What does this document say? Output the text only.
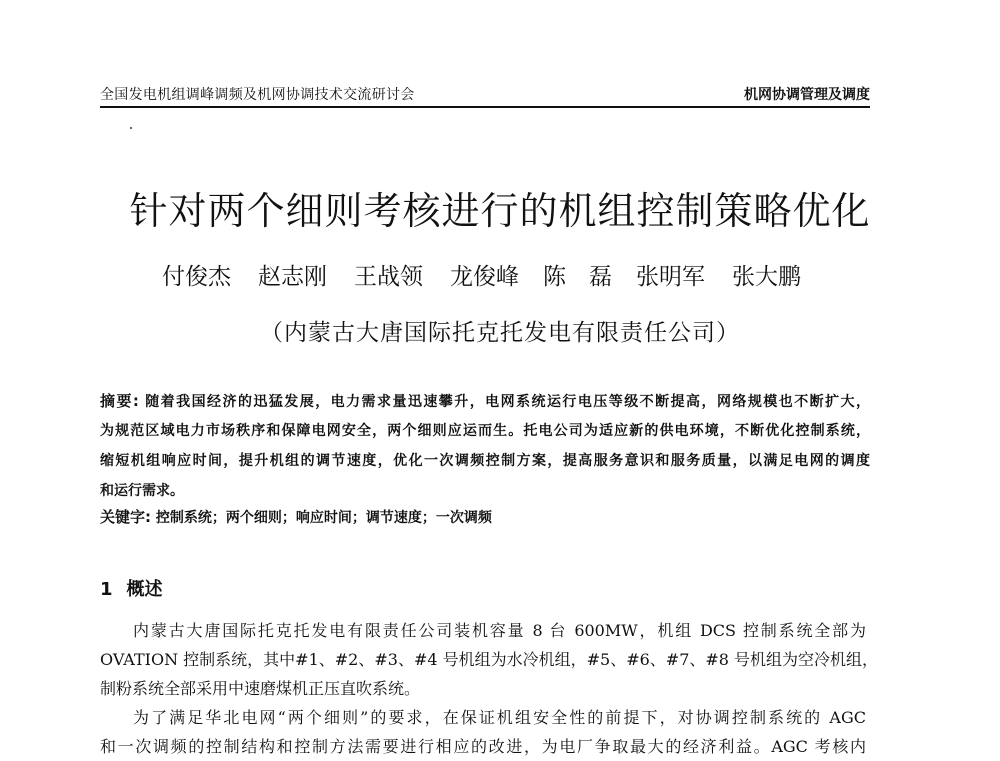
全国发电机组调峰调频及机网协调技术交流研讨会	机网协调管理及调度
针对两个细则考核进行的机组控制策略优化
付俊杰 赵志刚 王战领 龙俊峰 陈　磊 张明军 张大鹏
（内蒙古大唐国际托克托发电有限责任公司）
摘要: 随着我国经济的迅猛发展，电力需求量迅速攀升，电网系统运行电压等级不断提高，网络规模也不断扩大，
为规范区域电力市场秩序和保障电网安全，两个细则应运而生。托电公司为适应新的供电环境，不断优化控制系统，
缩短机组响应时间，提升机组的调节速度，优化一次调频控制方案，提高服务意识和服务质量，以满足电网的调度
和运行需求。
关键字: 控制系统；两个细则；响应时间；调节速度；一次调频
1 概述
内蒙古大唐国际托克托发电有限责任公司装机容量 8 台 600MW，机组 DCS 控制系统全部为
OVATION 控制系统，其中#1、#2、#3、#4 号机组为水冷机组，#5、#6、#7、#8 号机组为空冷机组，
制粉系统全部采用中速磨煤机正压直吹系统。
为了满足华北电网“两个细则”的要求，在保证机组安全性的前提下，对协调控制系统的 AGC
和一次调频的控制结构和控制方法需要进行相应的改进，为电厂争取最大的经济利益。AGC 考核内
